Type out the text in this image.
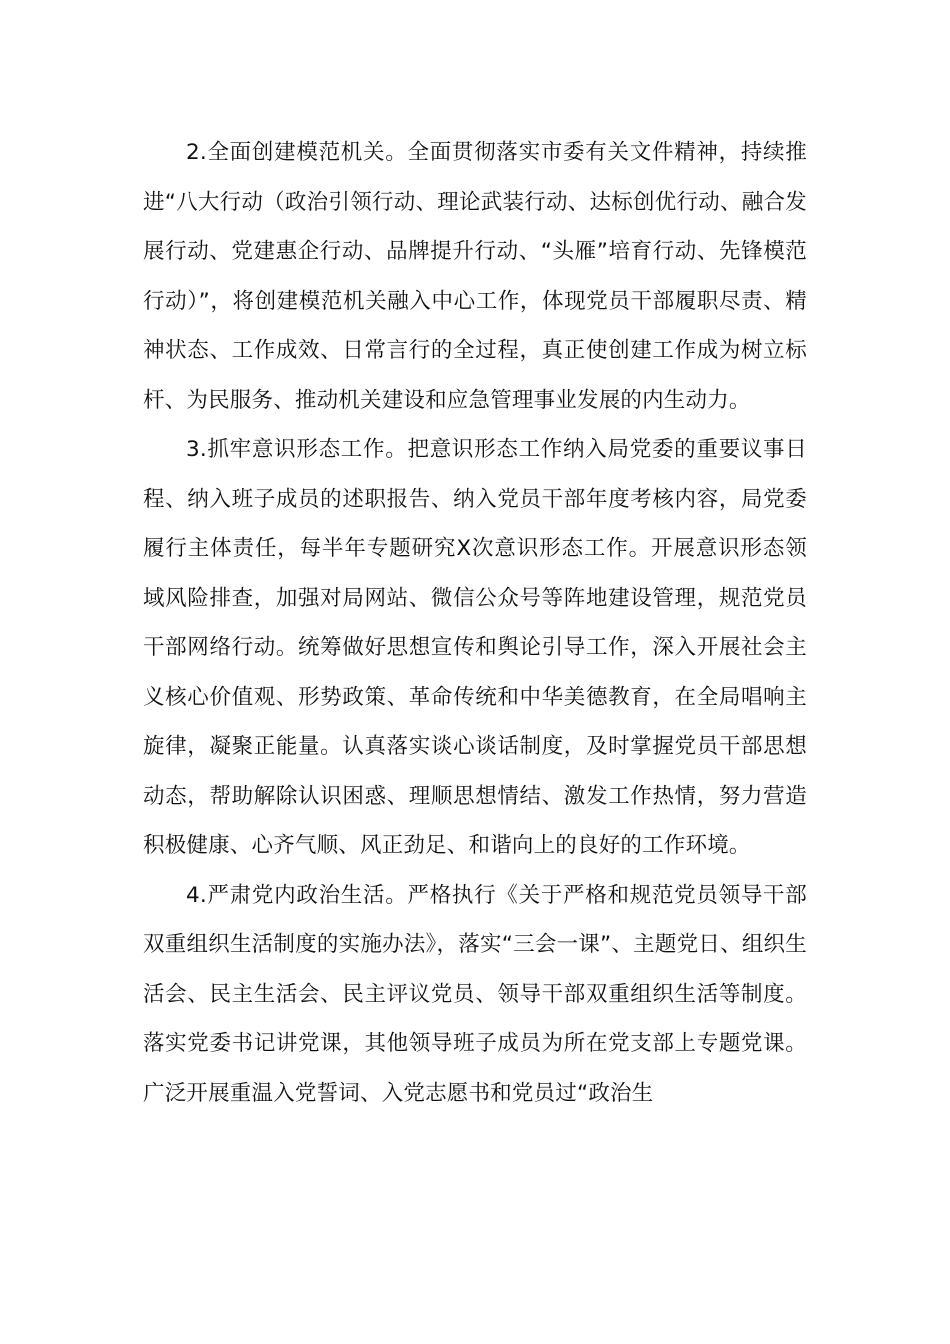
2.全面创建模范机关。全面贯彻落实市委有关文件精神，持续推进“八大行动（政治引领行动、理论武装行动、达标创优行动、融合发展行动、党建惠企行动、品牌提升行动、“头雁”培育行动、先锋模范行动）”，将创建模范机关融入中心工作，体现党员干部履职尽责、精神状态、工作成效、日常言行的全过程，真正使创建工作成为树立标杆、为民服务、推动机关建设和应急管理事业发展的内生动力。

3.抓牢意识形态工作。把意识形态工作纳入局党委的重要议事日程、纳入班子成员的述职报告、纳入党员干部年度考核内容，局党委履行主体责任，每半年专题研究X次意识形态工作。开展意识形态领域风险排查，加强对局网站、微信公众号等阵地建设管理，规范党员干部网络行动。统筹做好思想宣传和舆论引导工作，深入开展社会主义核心价值观、形势政策、革命传统和中华美德教育，在全局唱响主旋律，凝聚正能量。认真落实谈心谈话制度，及时掌握党员干部思想动态，帮助解除认识困惑、理顺思想情结、激发工作热情，努力营造积极健康、心齐气顺、风正劲足、和谐向上的良好的工作环境。

4.严肃党内政治生活。严格执行《关于严格和规范党员领导干部双重组织生活制度的实施办法》，落实“三会一课”、主题党日、组织生活会、民主生活会、民主评议党员、领导干部双重组织生活等制度。落实党委书记讲党课，其他领导班子成员为所在党支部上专题党课。广泛开展重温入党誓词、入党志愿书和党员过“政治生
